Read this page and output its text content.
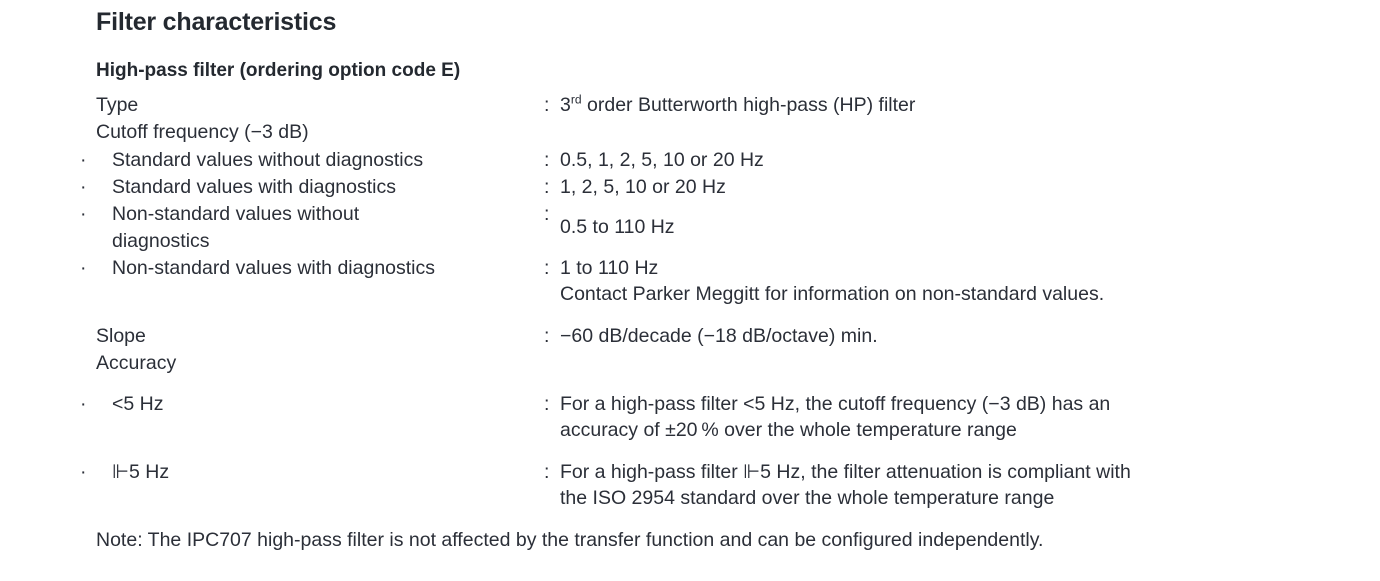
Filter characteristics
High-pass filter (ordering option code E)
Type	:	3rd order Butterworth high-pass (HP) filter

Cutoff frequency (−3 dB)		

· Standard values without diagnostics	:	0.5, 1, 2, 5, 10 or 20 Hz

· Standard values with diagnostics	:	1, 2, 5, 10 or 20 Hz

· Non-standard values without diagnostics	:	0.5 to 110 Hz

· Non-standard values with diagnostics	:	1 to 110 Hz
Contact Parker Meggitt for information on non-standard values.

Slope	:	−60 dB/decade (−18 dB/octave) min.

Accuracy		

· <5 Hz	:	For a high-pass filter <5 Hz, the cutoff frequency (−3 dB) has an
accuracy of ±20 % over the whole temperature range

· ⊩5 Hz	:	For a high-pass filter ⊩5 Hz, the filter attenuation is compliant with
the ISO 2954 standard over the whole temperature range
Note: The IPC707 high-pass filter is not affected by the transfer function and can be configured independently.
